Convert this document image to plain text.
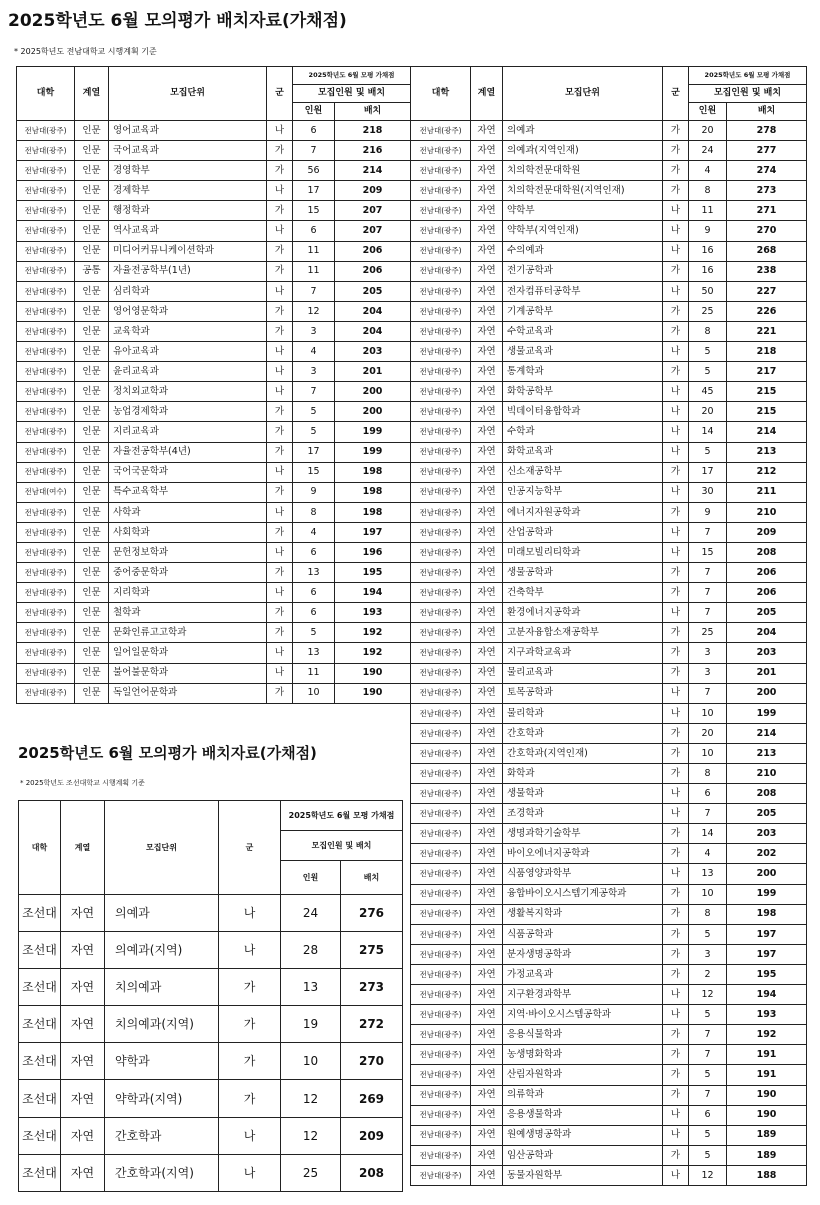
2025학년도 6월 모의평가 배치자료(가채점)
* 2025학년도 전남대학교 시행계획 기준
대학	계열	모집단위	군	2025학년도 6월 모평 가채점	
				모집인원 및 배치	
				인원	배치
전남대(광주)	인문	영어교육과	나	6	218
전남대(광주)	인문	국어교육과	가	7	216
전남대(광주)	인문	경영학부	가	56	214
전남대(광주)	인문	경제학부	나	17	209
전남대(광주)	인문	행정학과	가	15	207
전남대(광주)	인문	역사교육과	나	6	207
전남대(광주)	인문	미디어커뮤니케이션학과	가	11	206
전남대(광주)	공통	자율전공학부(1년)	가	11	206
전남대(광주)	인문	심리학과	나	7	205
전남대(광주)	인문	영어영문학과	가	12	204
전남대(광주)	인문	교육학과	가	3	204
전남대(광주)	인문	유아교육과	나	4	203
전남대(광주)	인문	윤리교육과	나	3	201
전남대(광주)	인문	정치외교학과	나	7	200
전남대(광주)	인문	농업경제학과	가	5	200
전남대(광주)	인문	지리교육과	가	5	199
전남대(광주)	인문	자율전공학부(4년)	가	17	199
전남대(광주)	인문	국어국문학과	나	15	198
전남대(여수)	인문	특수교육학부	가	9	198
전남대(광주)	인문	사학과	나	8	198
전남대(광주)	인문	사회학과	가	4	197
전남대(광주)	인문	문헌정보학과	나	6	196
전남대(광주)	인문	중어중문학과	가	13	195
전남대(광주)	인문	지리학과	나	6	194
전남대(광주)	인문	철학과	가	6	193
전남대(광주)	인문	문화인류고고학과	가	5	192
전남대(광주)	인문	일어일문학과	나	13	192
전남대(광주)	인문	불어불문학과	나	11	190
전남대(광주)	인문	독일언어문학과	가	10	190
대학	계열	모집단위	군	2025학년도 6월 모평 가채점	
				모집인원 및 배치	
				인원	배치
전남대(광주)	자연	의예과	가	20	278
전남대(광주)	자연	의예과(지역인재)	가	24	277
전남대(광주)	자연	치의학전문대학원	가	4	274
전남대(광주)	자연	치의학전문대학원(지역인재)	가	8	273
전남대(광주)	자연	약학부	나	11	271
전남대(광주)	자연	약학부(지역인재)	나	9	270
전남대(광주)	자연	수의예과	나	16	268
전남대(광주)	자연	전기공학과	가	16	238
전남대(광주)	자연	전자컴퓨터공학부	나	50	227
전남대(광주)	자연	기계공학부	가	25	226
전남대(광주)	자연	수학교육과	가	8	221
전남대(광주)	자연	생물교육과	나	5	218
전남대(광주)	자연	통계학과	가	5	217
전남대(광주)	자연	화학공학부	나	45	215
전남대(광주)	자연	빅데이터융합학과	나	20	215
전남대(광주)	자연	수학과	나	14	214
전남대(광주)	자연	화학교육과	나	5	213
전남대(광주)	자연	신소재공학부	가	17	212
전남대(광주)	자연	인공지능학부	나	30	211
전남대(광주)	자연	에너지자원공학과	가	9	210
전남대(광주)	자연	산업공학과	나	7	209
전남대(광주)	자연	미래모빌리티학과	나	15	208
전남대(광주)	자연	생물공학과	가	7	206
전남대(광주)	자연	건축학부	가	7	206
전남대(광주)	자연	환경에너지공학과	나	7	205
전남대(광주)	자연	고분자융합소재공학부	가	25	204
전남대(광주)	자연	지구과학교육과	가	3	203
전남대(광주)	자연	물리교육과	가	3	201
전남대(광주)	자연	토목공학과	나	7	200
전남대(광주)	자연	물리학과	나	10	199
전남대(광주)	자연	간호학과	가	20	214
전남대(광주)	자연	간호학과(지역인재)	가	10	213
전남대(광주)	자연	화학과	가	8	210
전남대(광주)	자연	생물학과	나	6	208
전남대(광주)	자연	조경학과	나	7	205
전남대(광주)	자연	생명과학기술학부	가	14	203
전남대(광주)	자연	바이오에너지공학과	가	4	202
전남대(광주)	자연	식품영양과학부	나	13	200
전남대(광주)	자연	융합바이오시스템기계공학과	가	10	199
전남대(광주)	자연	생활복지학과	가	8	198
전남대(광주)	자연	식품공학과	가	5	197
전남대(광주)	자연	분자생명공학과	가	3	197
전남대(광주)	자연	가정교육과	가	2	195
전남대(광주)	자연	지구환경과학부	나	12	194
전남대(광주)	자연	지역·바이오시스템공학과	나	5	193
전남대(광주)	자연	응용식물학과	가	7	192
전남대(광주)	자연	농생명화학과	가	7	191
전남대(광주)	자연	산림자원학과	가	5	191
전남대(광주)	자연	의류학과	가	7	190
전남대(광주)	자연	응용생물학과	나	6	190
전남대(광주)	자연	원예생명공학과	나	5	189
전남대(광주)	자연	임산공학과	가	5	189
전남대(광주)	자연	동물자원학부	나	12	188
2025학년도 6월 모의평가 배치자료(가채점)
* 2025학년도 조선대학교 시행계획 기준
대학	계열	모집단위	군	2025학년도 6월 모평 가채점	
				모집인원 및 배치	
				인원	배치
조선대	자연	의예과	나	24	276
조선대	자연	의예과(지역)	나	28	275
조선대	자연	치의예과	가	13	273
조선대	자연	치의예과(지역)	가	19	272
조선대	자연	약학과	가	10	270
조선대	자연	약학과(지역)	가	12	269
조선대	자연	간호학과	나	12	209
조선대	자연	간호학과(지역)	나	25	208
